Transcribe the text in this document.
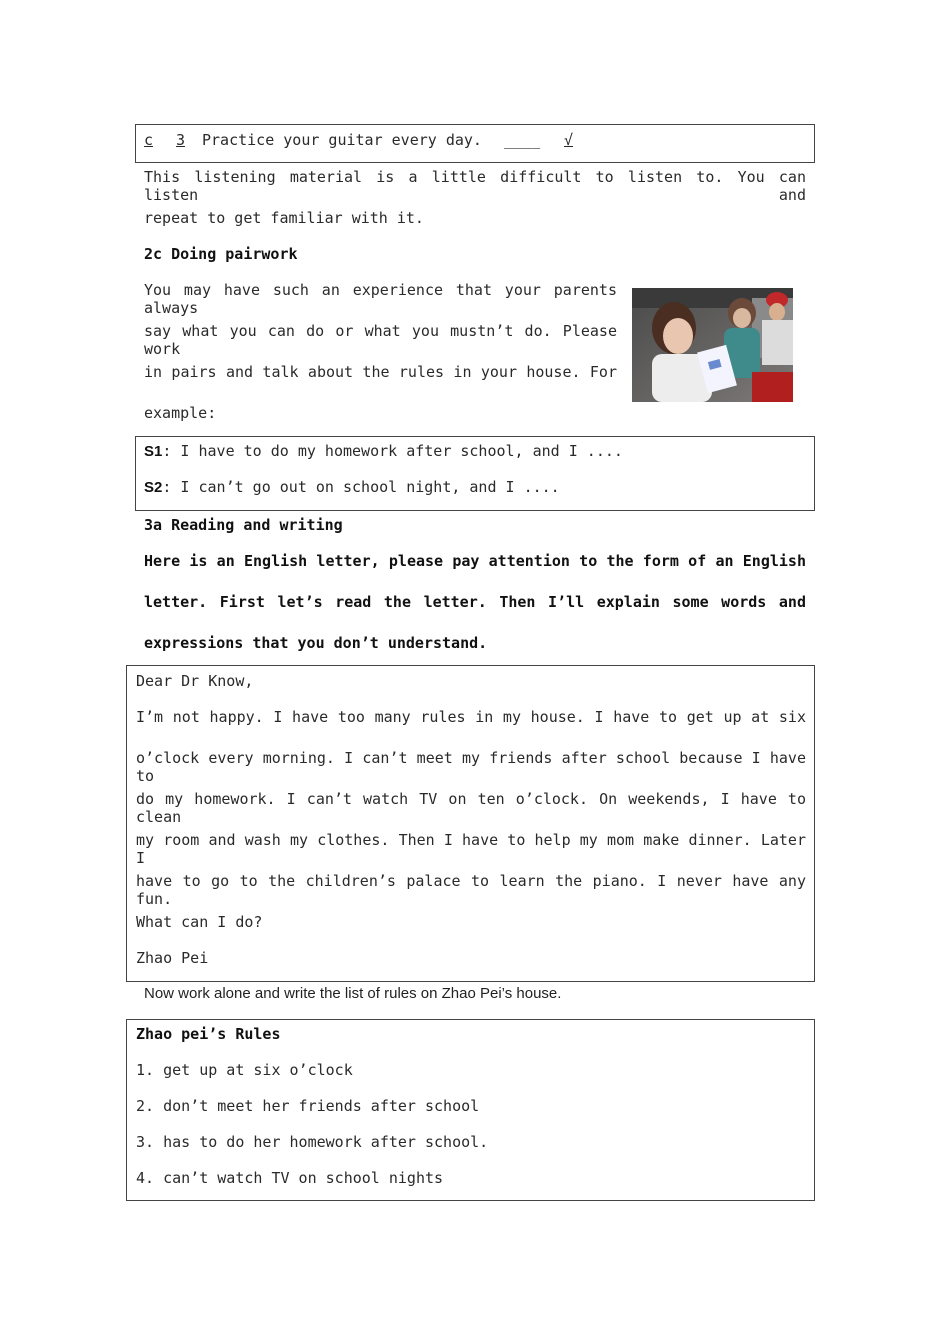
c 3 Practice your guitar every day. ____ √
This listening material is a little difficult to listen to. You can listen and
repeat to get familiar with it.
2c Doing pairwork
You may have such an experience that your parents always
say what you can do or what you mustn’t do. Please work
in pairs and talk about the rules in your house. For
example:
S1: I have to do my homework after school, and I ....
S2: I can’t go out on school night, and I ....
3a Reading and writing
Here is an English letter, please pay attention to the form of an English
letter. First let’s read the letter. Then I’ll explain some words and
expressions that you don’t understand.
Dear Dr Know,
I’m not happy. I have too many rules in my house. I have to get up at six
o’clock every morning. I can’t meet my friends after school because I have to
do my homework. I can’t watch TV on ten o’clock. On weekends, I have to clean
my room and wash my clothes. Then I have to help my mom make dinner. Later I
have to go to the children’s palace to learn the piano. I never have any fun.
What can I do?
Zhao Pei
Now work alone and write the list of rules on Zhao Pei’s house.
Zhao pei’s Rules
1. get up at six o’clock
2. don’t meet her friends after school
3. has to do her homework after school.
4. can’t watch TV on school nights
